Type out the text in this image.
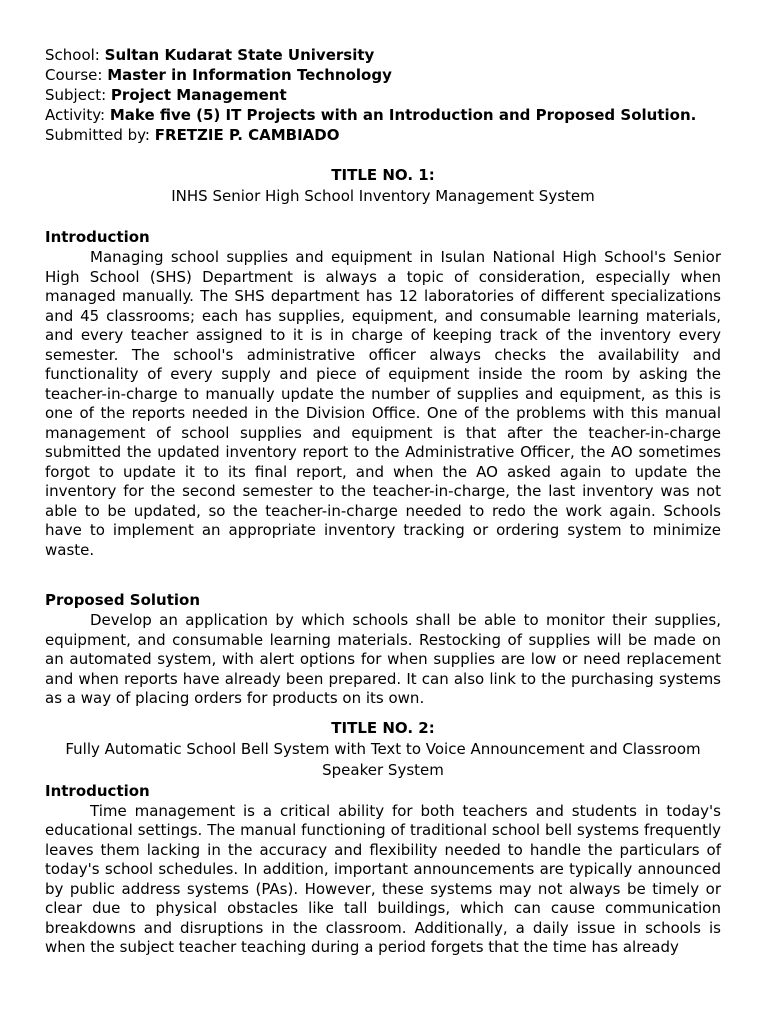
School: Sultan Kudarat State University
Course: Master in Information Technology
Subject: Project Management
Activity: Make five (5) IT Projects with an Introduction and Proposed Solution.
Submitted by: FRETZIE P. CAMBIADO
TITLE NO. 1:
INHS Senior High School Inventory Management System
Introduction

Managing school supplies and equipment in Isulan National High School's Senior High School (SHS) Department is always a topic of consideration, especially when managed manually. The SHS department has 12 laboratories of different specializations and 45 classrooms; each has supplies, equipment, and consumable learning materials, and every teacher assigned to it is in charge of keeping track of the inventory every semester. The school's administrative officer always checks the availability and functionality of every supply and piece of equipment inside the room by asking the teacher-in-charge to manually update the number of supplies and equipment, as this is one of the reports needed in the Division Office. One of the problems with this manual management of school supplies and equipment is that after the teacher-in-charge submitted the updated inventory report to the Administrative Officer, the AO sometimes forgot to update it to its final report, and when the AO asked again to update the inventory for the second semester to the teacher-in-charge, the last inventory was not able to be updated, so the teacher-in-charge needed to redo the work again. Schools have to implement an appropriate inventory tracking or ordering system to minimize waste.

Proposed Solution

Develop an application by which schools shall be able to monitor their supplies, equipment, and consumable learning materials. Restocking of supplies will be made on an automated system, with alert options for when supplies are low or need replacement and when reports have already been prepared. It can also link to the purchasing systems as a way of placing orders for products on its own.

TITLE NO. 2:
Fully Automatic School Bell System with Text to Voice Announcement and Classroom Speaker System
Introduction

Time management is a critical ability for both teachers and students in today's educational settings. The manual functioning of traditional school bell systems frequently leaves them lacking in the accuracy and flexibility needed to handle the particulars of today's school schedules. In addition, important announcements are typically announced by public address systems (PAs). However, these systems may not always be timely or clear due to physical obstacles like tall buildings, which can cause communication breakdowns and disruptions in the classroom. Additionally, a daily issue in schools is when the subject teacher teaching during a period forgets that the time has already
